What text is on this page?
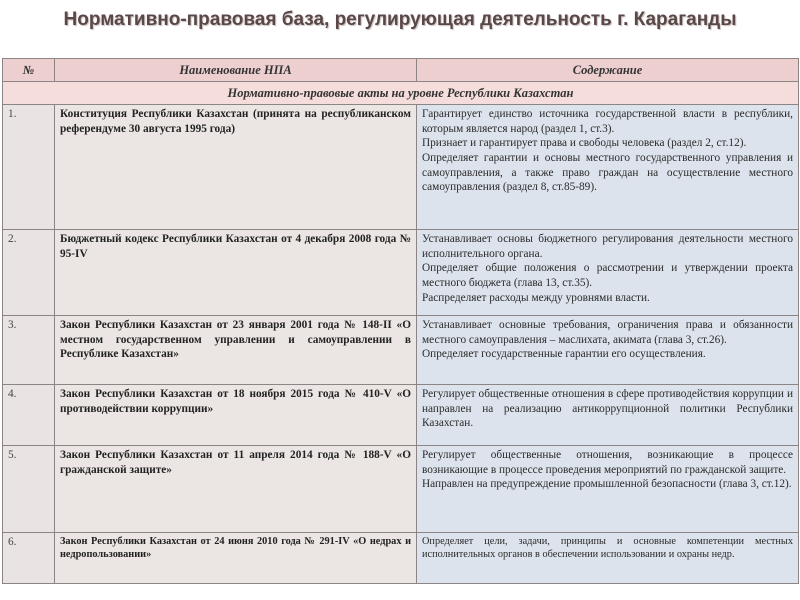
Нормативно-правовая база, регулирующая деятельность г. Караганды
№	Наименование НПА	Содержание
Нормативно-правовые акты на уровне Республики Казахстан		
1.	Конституция Республики Казахстан (принята на республиканском референдуме 30 августа 1995 года)	Гарантирует единство источника государственной власти в республики, которым является народ (раздел 1, ст.3).

Признает и гарантирует права и свободы человека (раздел 2, ст.12).

Определяет гарантии и основы местного государственного управления и самоуправления, а также право граждан на осуществление местного самоуправления (раздел 8, ст.85-89).

2.	Бюджетный кодекс Республики Казахстан от 4 декабря 2008 года № 95-IV	Устанавливает основы бюджетного регулирования деятельности местного исполнительного органа.

Определяет общие положения о рассмотрении и утверждении проекта местного бюджета (глава 13, ст.35).

Распределяет расходы между уровнями власти.

3.	Закон Республики Казахстан от 23 января 2001 года № 148-II «О местном государственном управлении и самоуправлении в Республике Казахстан»	Устанавливает основные требования, ограничения права и обязанности местного самоуправления – маслихата, акимата (глава 3, ст.26).

Определяет государственные гарантии его осуществления.

4.	Закон Республики Казахстан от 18 ноября 2015 года № 410-V «О противодействии коррупции»	Регулирует общественные отношения в сфере противодействия коррупции и направлен на реализацию антикоррупционной политики Республики Казахстан.

5.	Закон Республики Казахстан от 11 апреля 2014 года № 188-V «О гражданской защите»	Регулирует общественные отношения, возникающие в процессе возникающие в процессе проведения мероприятий по гражданской защите.

Направлен на предупреждение промышленной безопасности (глава 3, ст.12).

6.	Закон Республики Казахстан от 24 июня 2010 года № 291-IV «О недрах и недропользовании»	Определяет цели, задачи, принципы и основные компетенции местных исполнительных органов в обеспечении использовании и охраны недр.
